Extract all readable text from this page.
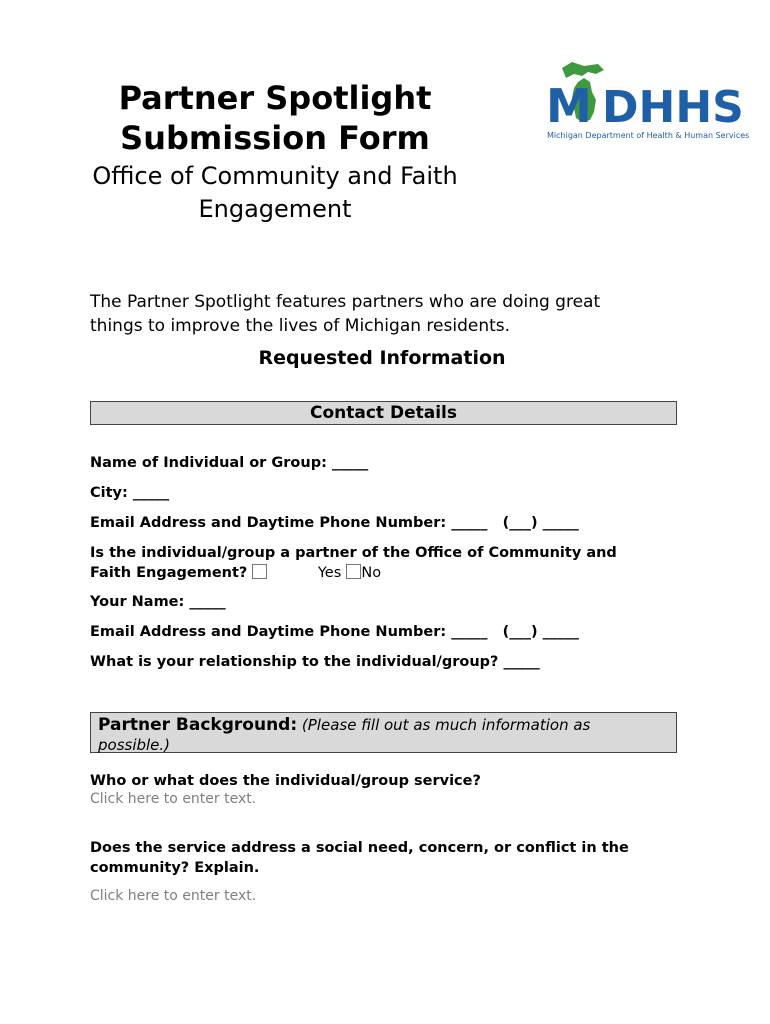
Partner Spotlight
Submission Form
Office of Community and Faith
Engagement
M DHHS
Michigan Department of Health & Human Services
The Partner Spotlight features partners who are doing great
things to improve the lives of Michigan residents.
Requested Information
Contact Details
Name of Individual or Group: _____
City: _____
Email Address and Daytime Phone Number: _____   (___) _____
Is the individual/group a partner of the Office of Community and
Faith Engagement?	Yes No
Your Name: _____
Email Address and Daytime Phone Number: _____   (___) _____
What is your relationship to the individual/group? _____
Partner Background: (Please fill out as much information as
possible.)
Who or what does the individual/group service?
Click here to enter text.
Does the service address a social need, concern, or conflict in the
community? Explain.
Click here to enter text.
